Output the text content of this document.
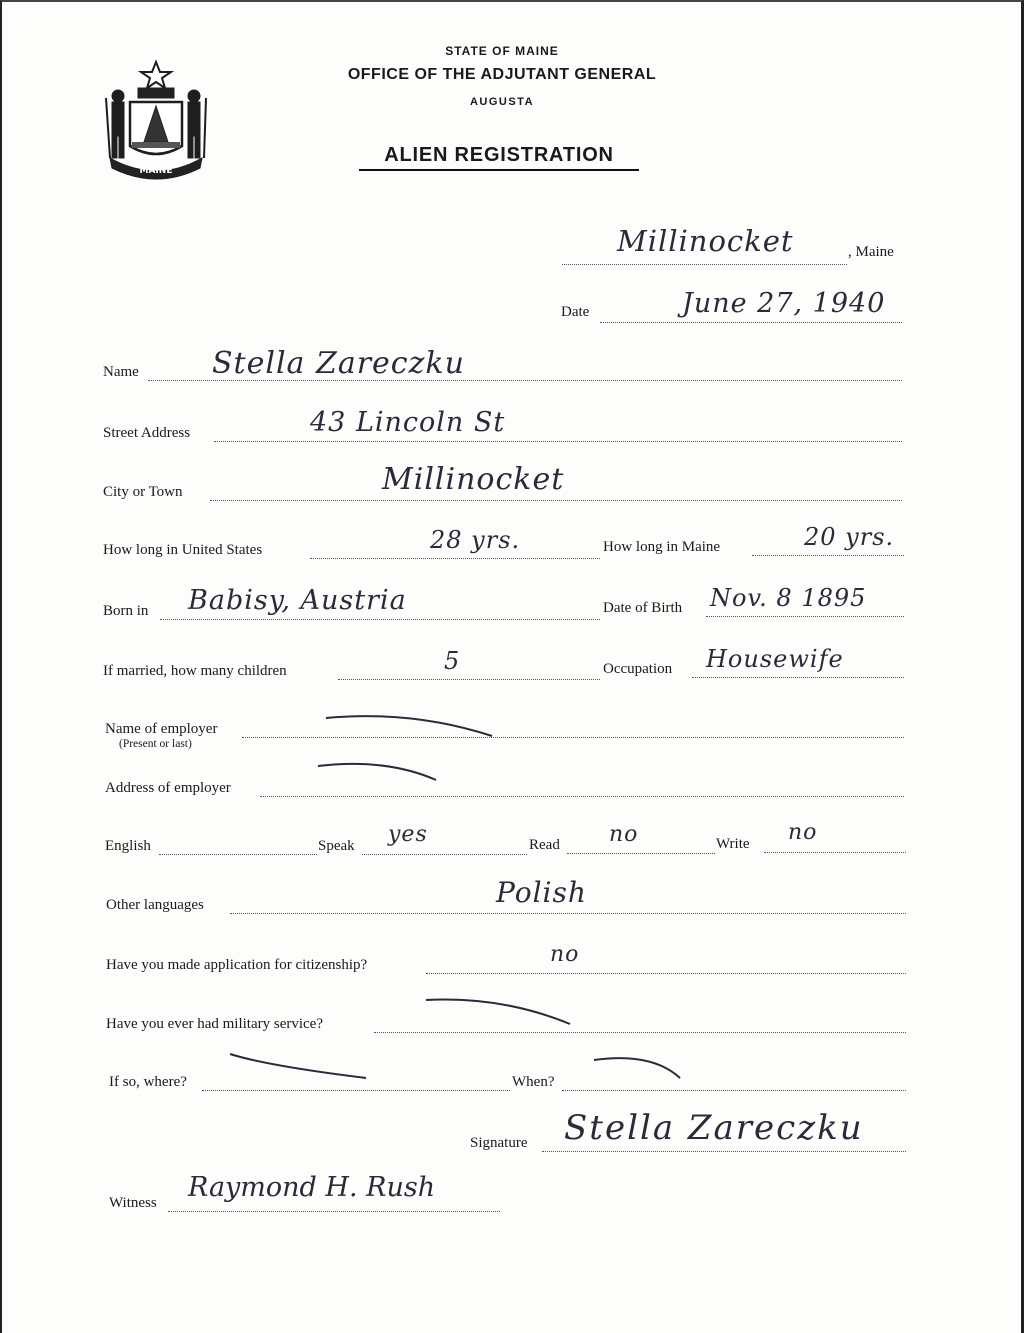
MAINE
STATE OF MAINE
OFFICE OF THE ADJUTANT GENERAL
AUGUSTA
ALIEN REGISTRATION
Millinocket	, Maine
Date	June 27, 1940
Name Stella Zareczku
Street Address	43 Lincoln St
City or Town	Millinocket
How long in United States	28 yrs.	How long in Maine	20 yrs.
Born in Babisy, Austria	Date of Birth Nov. 8 1895
If married, how many children	5	Occupation Housewife
Name of employer
(Present or last)
Address of employer
English	Speak yes	Read no	Write no
Other languages	Polish
Have you made application for citizenship?	no
Have you ever had military service?
If so, where?	When?
Signature Stella Zareczku
Witness Raymond H. Rush
